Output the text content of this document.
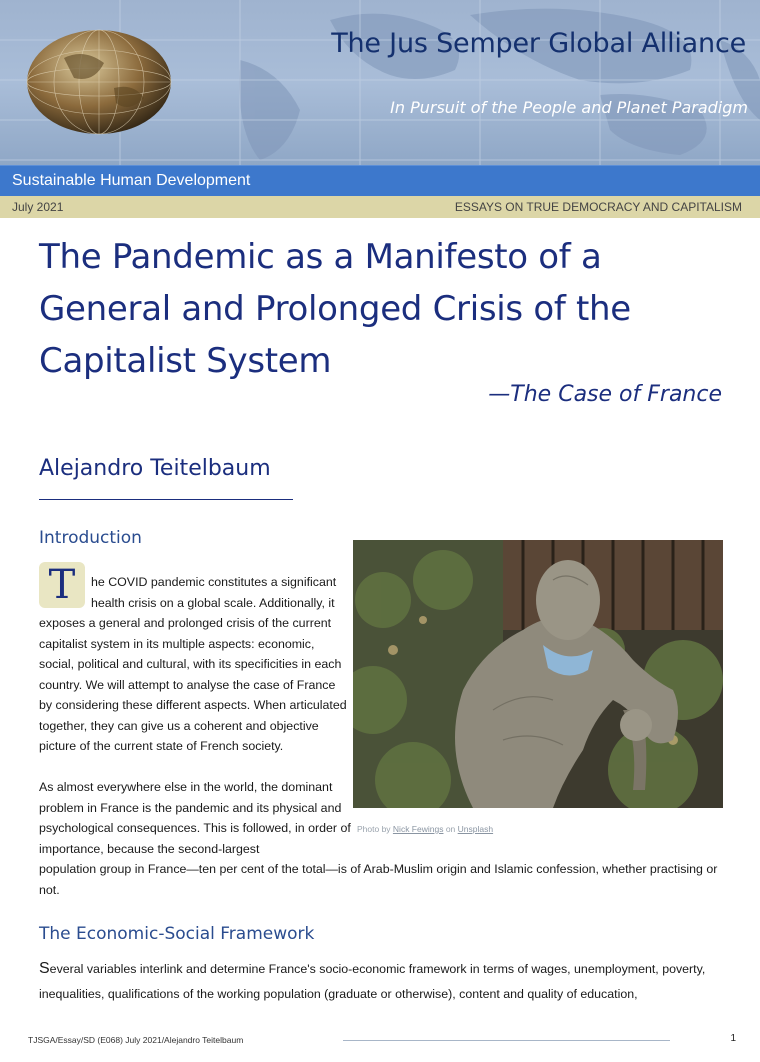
The Jus Semper Global Alliance
In Pursuit of the People and Planet Paradigm
Sustainable Human Development
July 2021	ESSAYS ON TRUE DEMOCRACY AND CAPITALISM
The Pandemic as a Manifesto of a General and Prolonged Crisis of the Capitalist System
—The Case of France
Alejandro Teitelbaum
Introduction
T	he COVID pandemic constitutes a significant health crisis on a global scale. Additionally, it
exposes a general and prolonged crisis of the current capitalist system in its multiple aspects: economic, social, political and cultural, with its specificities in each country. We will attempt to analyse the case of France by considering these different aspects. When articulated together, they can give us a coherent and objective picture of the current state of French society.
Photo by Nick Fewings on Unsplash
As almost everywhere else in the world, the dominant problem in France is the pandemic and its physical and psychological consequences. This is followed, in order of importance, because the second-largest
population group in France—ten per cent of the total—is of Arab-Muslim origin and Islamic confession, whether practising or not.
The Economic-Social Framework
Several variables interlink and determine France's socio-economic framework in terms of wages, unemployment, poverty, inequalities, qualifications of the working population (graduate or otherwise), content and quality of education,
TJSGA/Essay/SD (E068) July 2021/Alejandro Teitelbaum	1
